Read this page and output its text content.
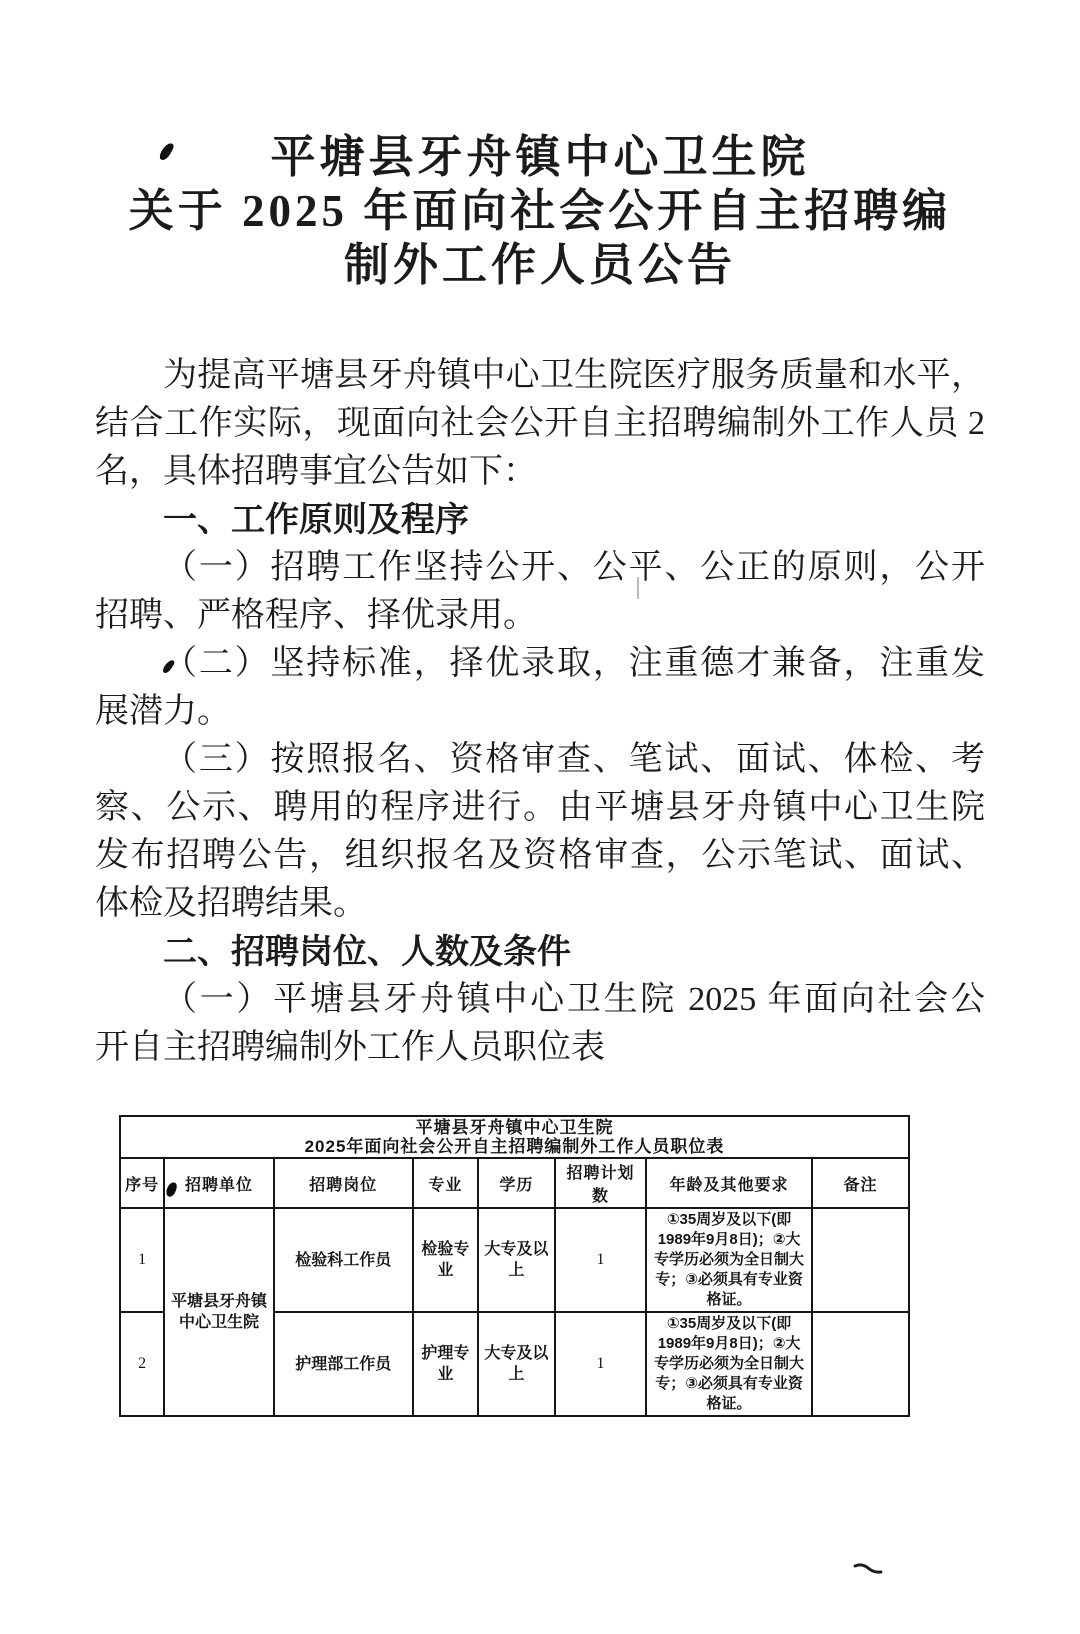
平塘县牙舟镇中心卫生院
关于 2025 年面向社会公开自主招聘编
制外工作人员公告
为提高平塘县牙舟镇中心卫生院医疗服务质量和水平，
结合工作实际，现面向社会公开自主招聘编制外工作人员 2
名，具体招聘事宜公告如下：
一、工作原则及程序
（一）招聘工作坚持公开、公平、公正的原则，公开
招聘、严格程序、择优录用。
（二）坚持标准，择优录取，注重德才兼备，注重发
展潜力。
（三）按照报名、资格审查、笔试、面试、体检、考
察、公示、聘用的程序进行。由平塘县牙舟镇中心卫生院
发布招聘公告，组织报名及资格审查，公示笔试、面试、
体检及招聘结果。
二、招聘岗位、人数及条件
（一）平塘县牙舟镇中心卫生院 2025 年面向社会公
开自主招聘编制外工作人员职位表
平塘县牙舟镇中心卫生院
2025年面向社会公开自主招聘编制外工作人员职位表							

序号	招聘单位	招聘岗位	专业	学历	招聘计划数	年龄及其他要求	备注
1	平塘县牙舟镇中心卫生院	检验科工作员	检验专业	大专及以上	1	①35周岁及以下(即1989年9月8日)；②大专学历必须为全日制大专；③必须具有专业资格证。	
2		护理部工作员	护理专业	大专及以上	1	①35周岁及以下(即1989年9月8日)；②大专学历必须为全日制大专；③必须具有专业资格证。	
